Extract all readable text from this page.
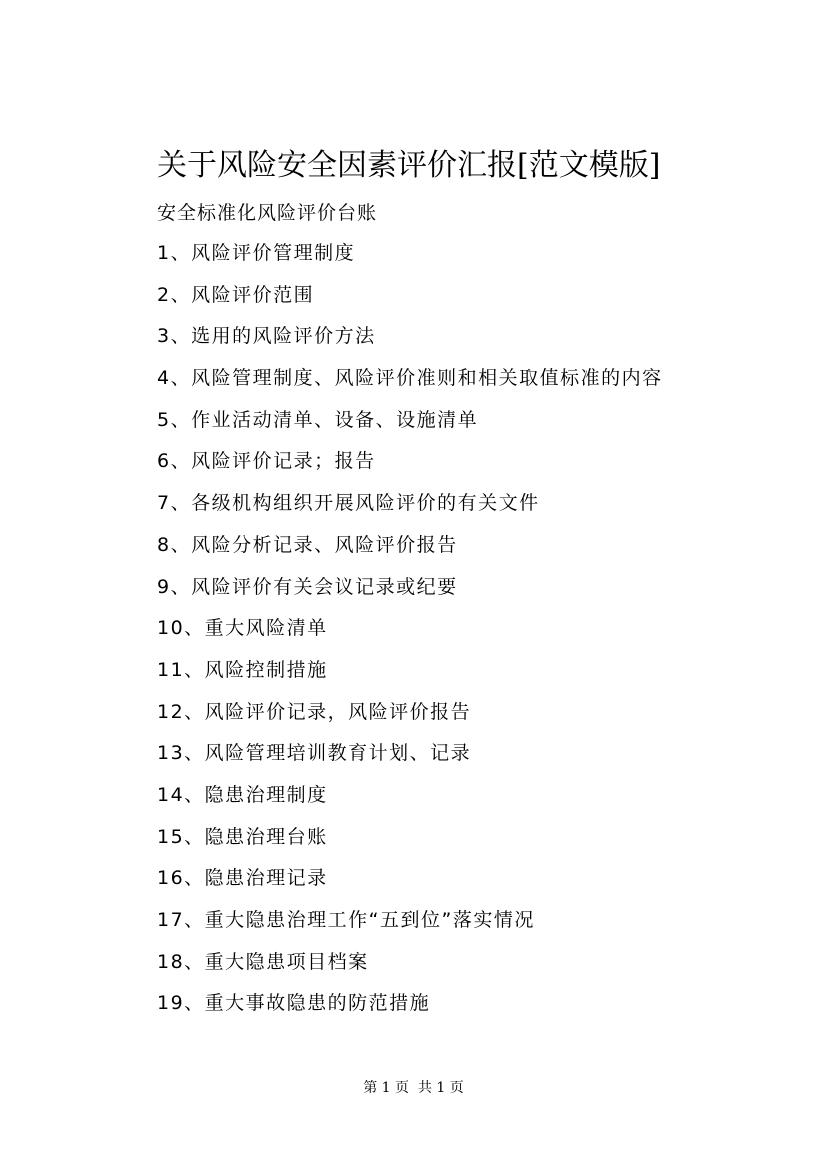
关于风险安全因素评价汇报[范文模版]
安全标准化风险评价台账
1、风险评价管理制度
2、风险评价范围
3、选用的风险评价方法
4、风险管理制度、风险评价准则和相关取值标准的内容
5、作业活动清单、设备、设施清单
6、风险评价记录；报告
7、各级机构组织开展风险评价的有关文件
8、风险分析记录、风险评价报告
9、风险评价有关会议记录或纪要
10、重大风险清单
11、风险控制措施
12、风险评价记录，风险评价报告
13、风险管理培训教育计划、记录
14、隐患治理制度
15、隐患治理台账
16、隐患治理记录
17、重大隐患治理工作“五到位”落实情况
18、重大隐患项目档案
19、重大事故隐患的防范措施
第 1 页  共 1 页
